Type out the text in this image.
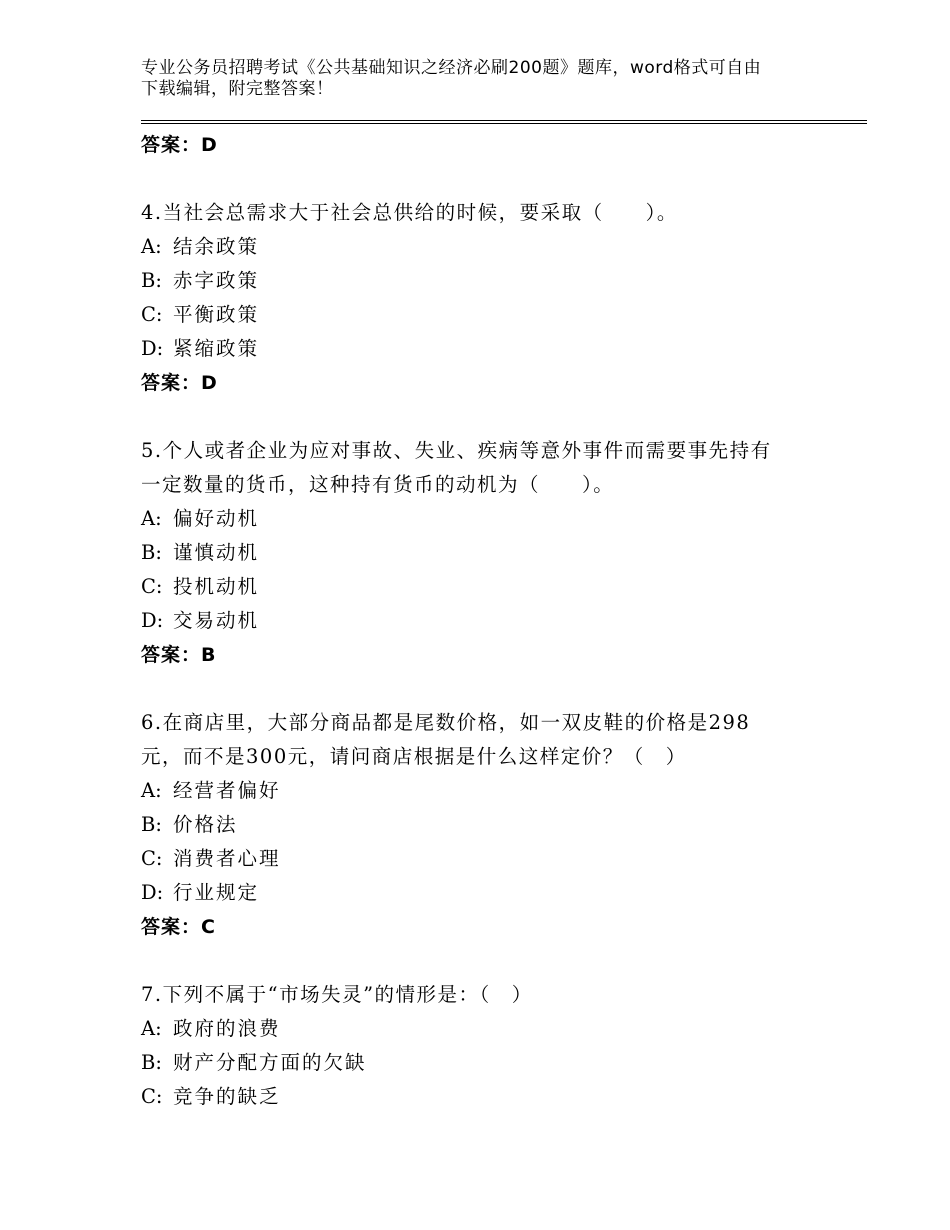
专业公务员招聘考试《公共基础知识之经济必刷200题》题库，word格式可自由
下载编辑，附完整答案！
答案：D
4.当社会总需求大于社会总供给的时候，要采取（　　）。
A: 结余政策
B: 赤字政策
C: 平衡政策
D: 紧缩政策
答案：D
5.个人或者企业为应对事故、失业、疾病等意外事件而需要事先持有
一定数量的货币，这种持有货币的动机为（　　）。
A: 偏好动机
B: 谨慎动机
C: 投机动机
D: 交易动机
答案：B
6.在商店里，大部分商品都是尾数价格，如一双皮鞋的价格是298
元，而不是300元，请问商店根据是什么这样定价？（　）
A: 经营者偏好
B: 价格法
C: 消费者心理
D: 行业规定
答案：C
7.下列不属于“市场失灵”的情形是：（　）
A: 政府的浪费
B: 财产分配方面的欠缺
C: 竞争的缺乏
